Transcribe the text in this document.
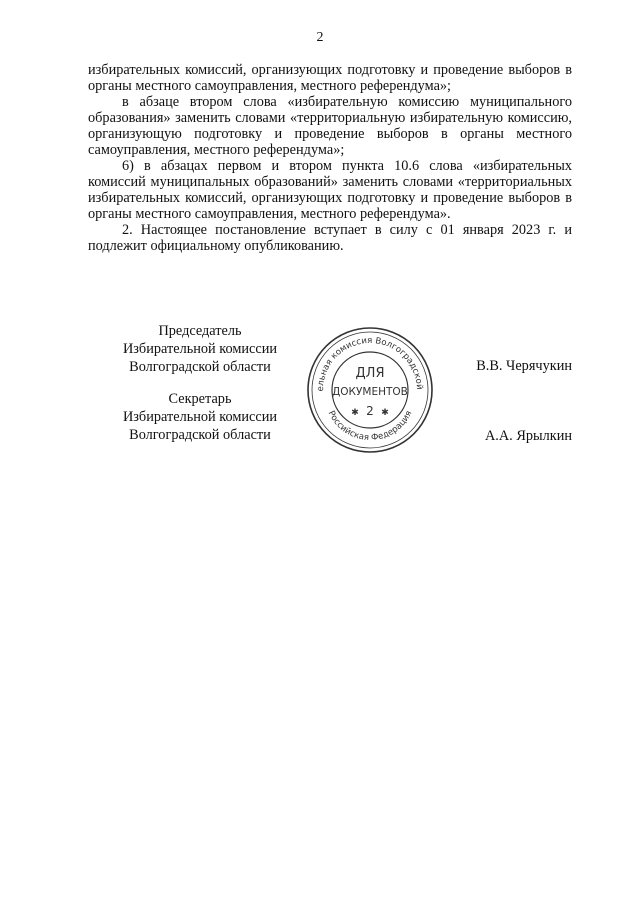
2

избирательных комиссий, организующих подготовку и проведение выборов в органы местного самоуправления, местного референдума»;

в абзаце втором слова «избирательную комиссию муниципального образования» заменить словами «территориальную избирательную комиссию, организующую подготовку и проведение выборов в органы местного самоуправления, местного референдума»;

6) в абзацах первом и втором пункта 10.6 слова «избирательных комиссий муниципальных образований» заменить словами «территориальных избирательных комиссий, организующих подготовку и проведение выборов в органы местного самоуправления, местного референдума».

2. Настоящее постановление вступает в силу с 01 января 2023 г. и подлежит официальному опубликованию.

Председатель
Избирательной комиссии
Волгоградской области	В.В. Черячукин
Секретарь
Избирательной комиссии
Волгоградской области	А.А. Ярылкин
ельная комиссия Волгоградской
Российская Федерация
ДЛЯ
ДОКУМЕНТОВ
2
✱ ✱
